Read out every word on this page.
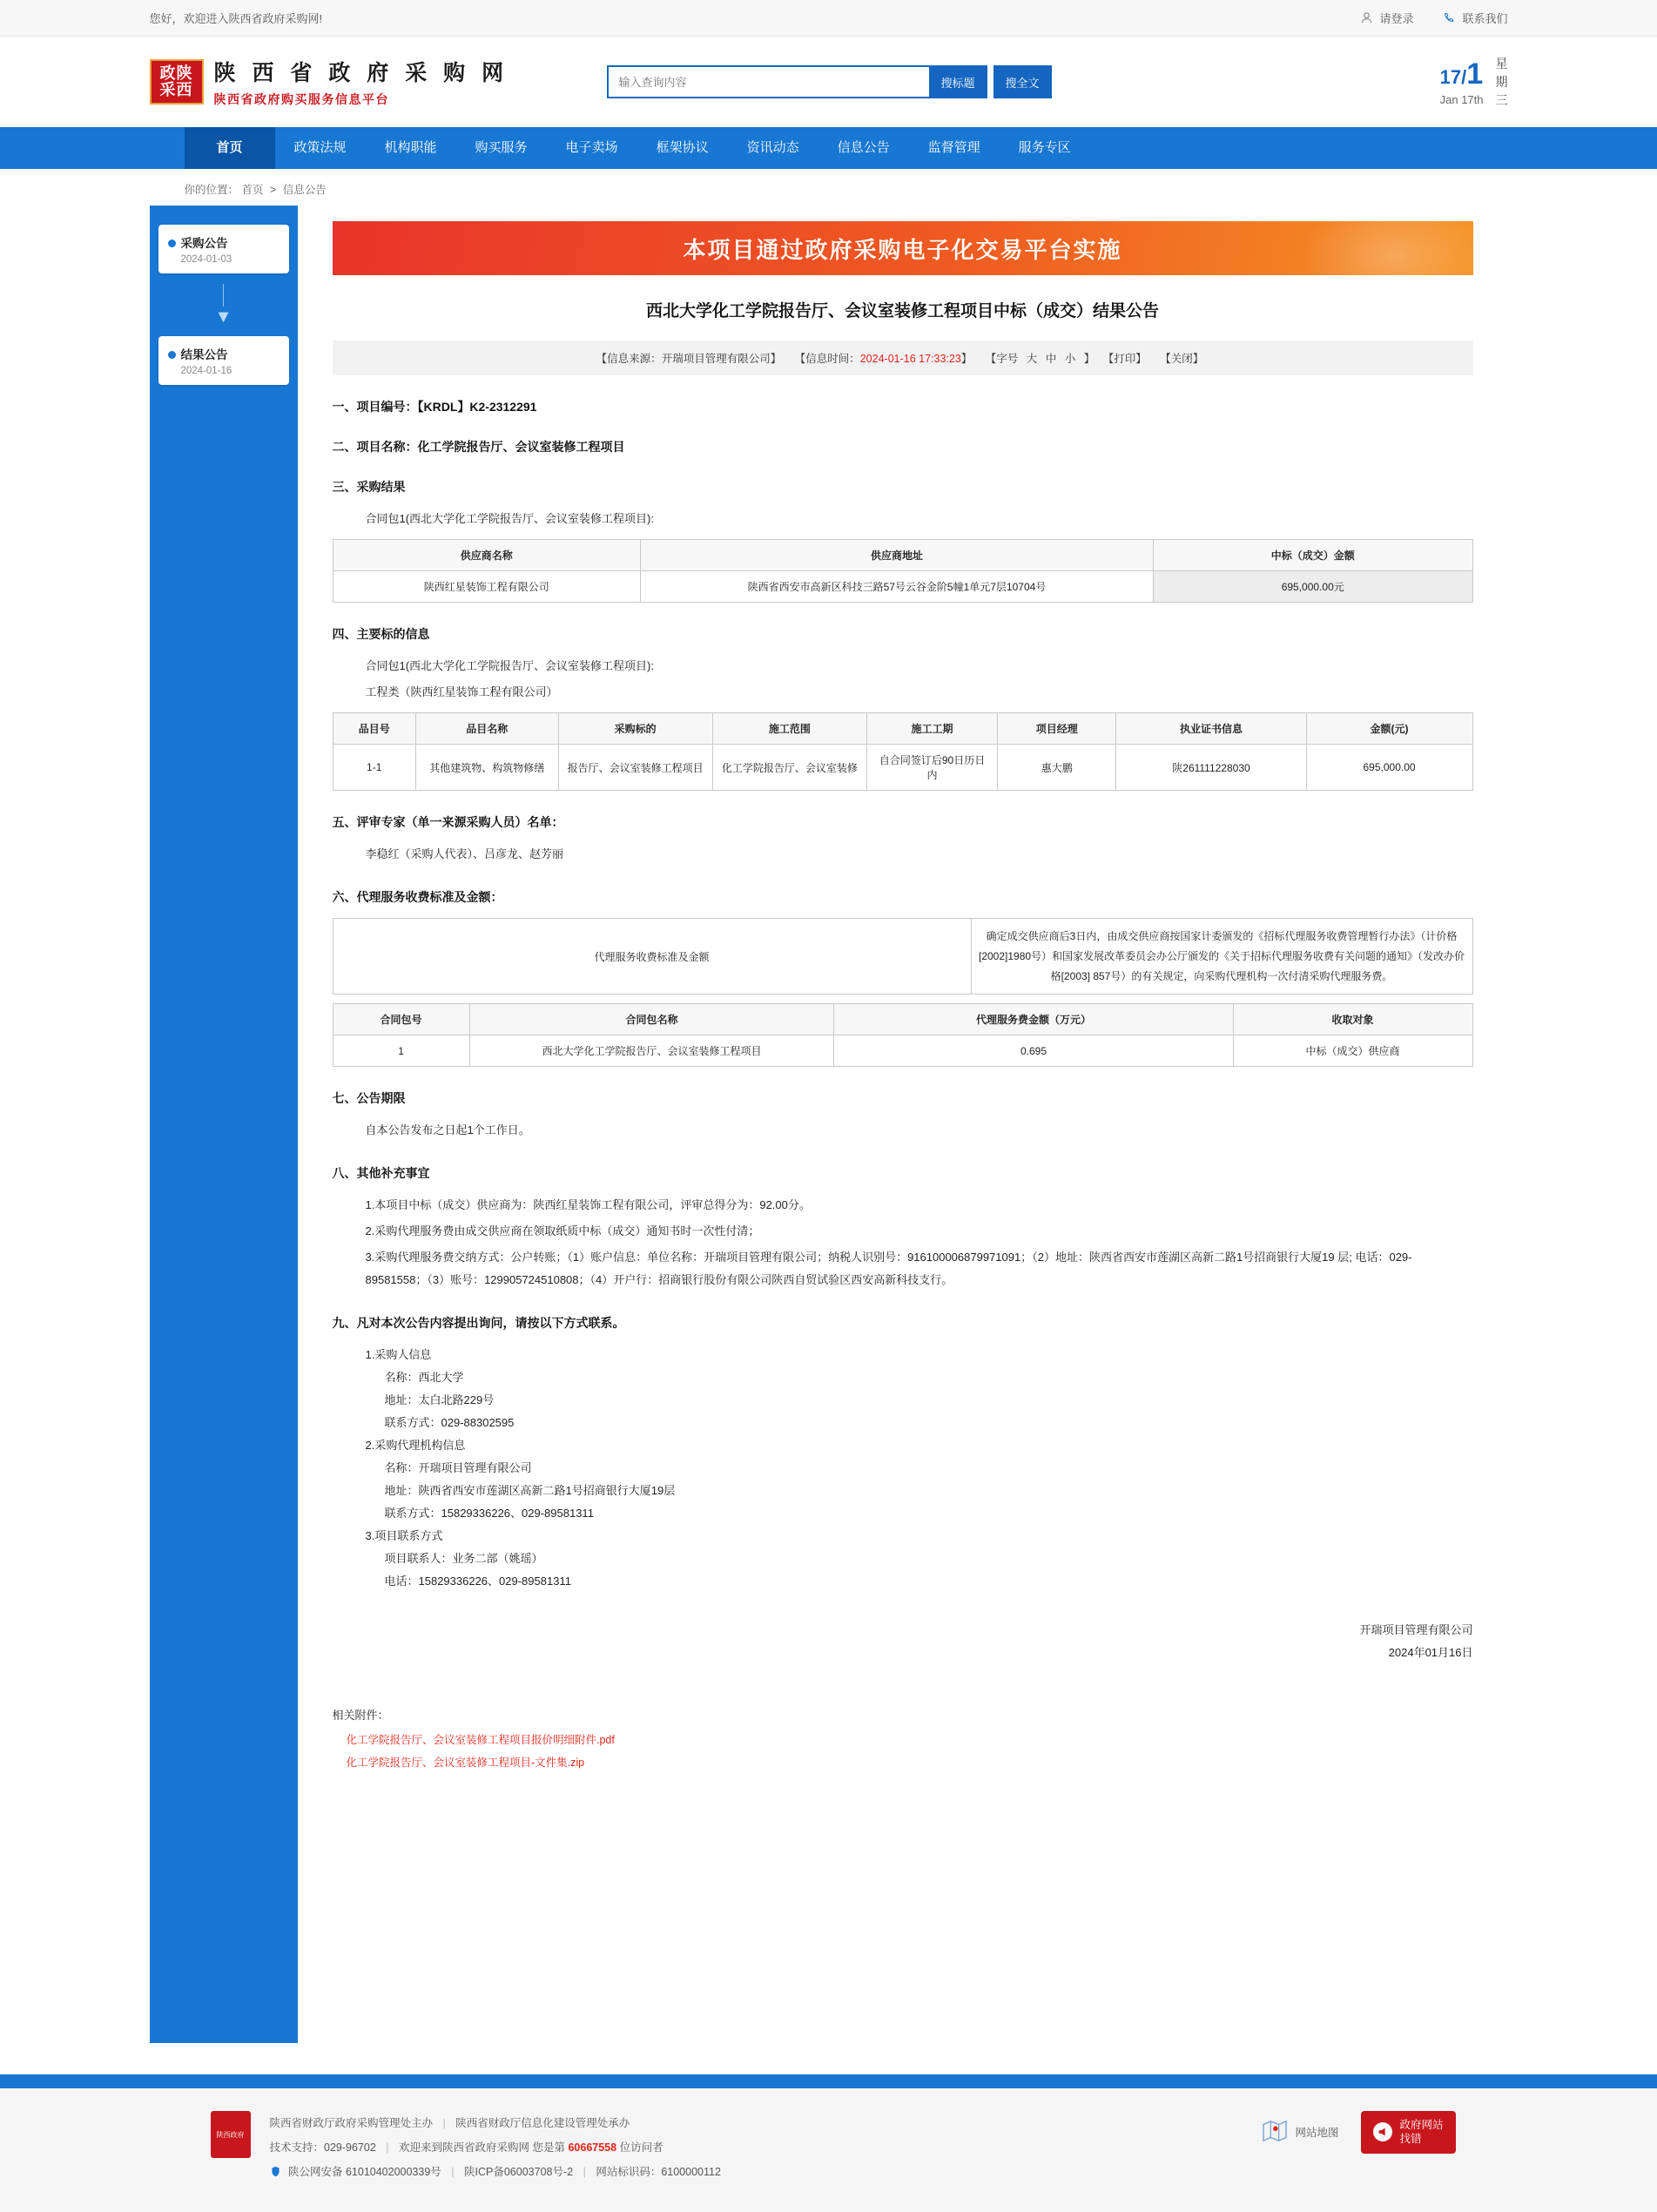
您好，欢迎进入陕西省政府采购网!	请登录	联系我们
政陕
采西
陕 西 省 政 府 采 购 网
陕西省政府购买服务信息平台
输入查询内容
搜标题	搜全文	17/1
Jan 17th
星
期
三
首页	政策法规	机构职能	购买服务	电子卖场	框架协议	资讯动态	信息公告	监督管理	服务专区
你的位置： 首页 > 信息公告
采购公告
2024-01-03
▼
结果公告
2024-01-16
本项目通过政府采购电子化交易平台实施
西北大学化工学院报告厅、会议室装修工程项目中标（成交）结果公告
【信息来源：开瑞项目管理有限公司】 【信息时间：2024-01-16 17:33:23】 【字号 大 中 小 】 【打印】 【关闭】
一、项目编号：【KRDL】K2-2312291
二、项目名称：化工学院报告厅、会议室装修工程项目
三、采购结果

合同包1(西北大学化工学院报告厅、会议室装修工程项目):

供应商名称	供应商地址	中标（成交）金额
陕西红星装饰工程有限公司	陕西省西安市高新区科技三路57号云谷金阶5幢1单元7层10704号	695,000.00元
四、主要标的信息

合同包1(西北大学化工学院报告厅、会议室装修工程项目):

工程类（陕西红星装饰工程有限公司）

品目号	品目名称	采购标的	施工范围	施工工期	项目经理	执业证书信息	金额(元)
1-1	其他建筑物、构筑物修缮	报告厅、会议室装修工程项目	化工学院报告厅、会议室装修	自合同签订后90日历日内	惠大鹏	陕261111228030	695,000.00
五、评审专家（单一来源采购人员）名单：

李稳红（采购人代表）、吕彦龙、赵芳丽

六、代理服务收费标准及金额：
代理服务收费标准及金额	确定成交供应商后3日内，由成交供应商按国家计委颁发的《招标代理服务收费管理暂行办法》（计价格[2002]1980号）和国家发展改革委员会办公厅颁发的《关于招标代理服务收费有关问题的通知》（发改办价格[2003] 857号）的有关规定，向采购代理机构一次付清采购代理服务费。
合同包号	合同包名称	代理服务费金额（万元）	收取对象
1	西北大学化工学院报告厅、会议室装修工程项目	0.695	中标（成交）供应商
七、公告期限

自本公告发布之日起1个工作日。

八、其他补充事宜

1.本项目中标（成交）供应商为：陕西红星装饰工程有限公司，评审总得分为：92.00分。

2.采购代理服务费由成交供应商在领取纸质中标（成交）通知书时一次性付清；

3.采购代理服务费交纳方式：公户转账；（1）账户信息：单位名称：开瑞项目管理有限公司；纳税人识别号：916100006879971091；（2）地址：陕西省西安市莲湖区高新二路1号招商银行大厦19 层; 电话：029-89581558；（3）账号：129905724510808；（4）开户行：招商银行股份有限公司陕西自贸试验区西安高新科技支行。

九、凡对本次公告内容提出询问，请按以下方式联系。

1.采购人信息

名称：西北大学

地址：太白北路229号

联系方式：029-88302595

2.采购代理机构信息

名称：开瑞项目管理有限公司

地址：陕西省西安市莲湖区高新二路1号招商银行大厦19层

联系方式：15829336226、029-89581311

3.项目联系方式

项目联系人：业务二部（姚瑶）

电话：15829336226、029-89581311

开瑞项目管理有限公司
2024年01月16日
相关附件：
化工学院报告厅、会议室装修工程项目报价明细附件.pdf
化工学院报告厅、会议室装修工程项目-文件集.zip
陕西政府
陕西省财政厅政府采购管理处主办 | 陕西省财政厅信息化建设管理处承办
技术支持：029-96702 | 欢迎来到陕西省政府采购网 您是第 60667558 位访问者
陕公网安备 61010402000339号 | 陕ICP备06003708号-2 | 网站标识码：6100000112
网站地图
政府网站
找错
